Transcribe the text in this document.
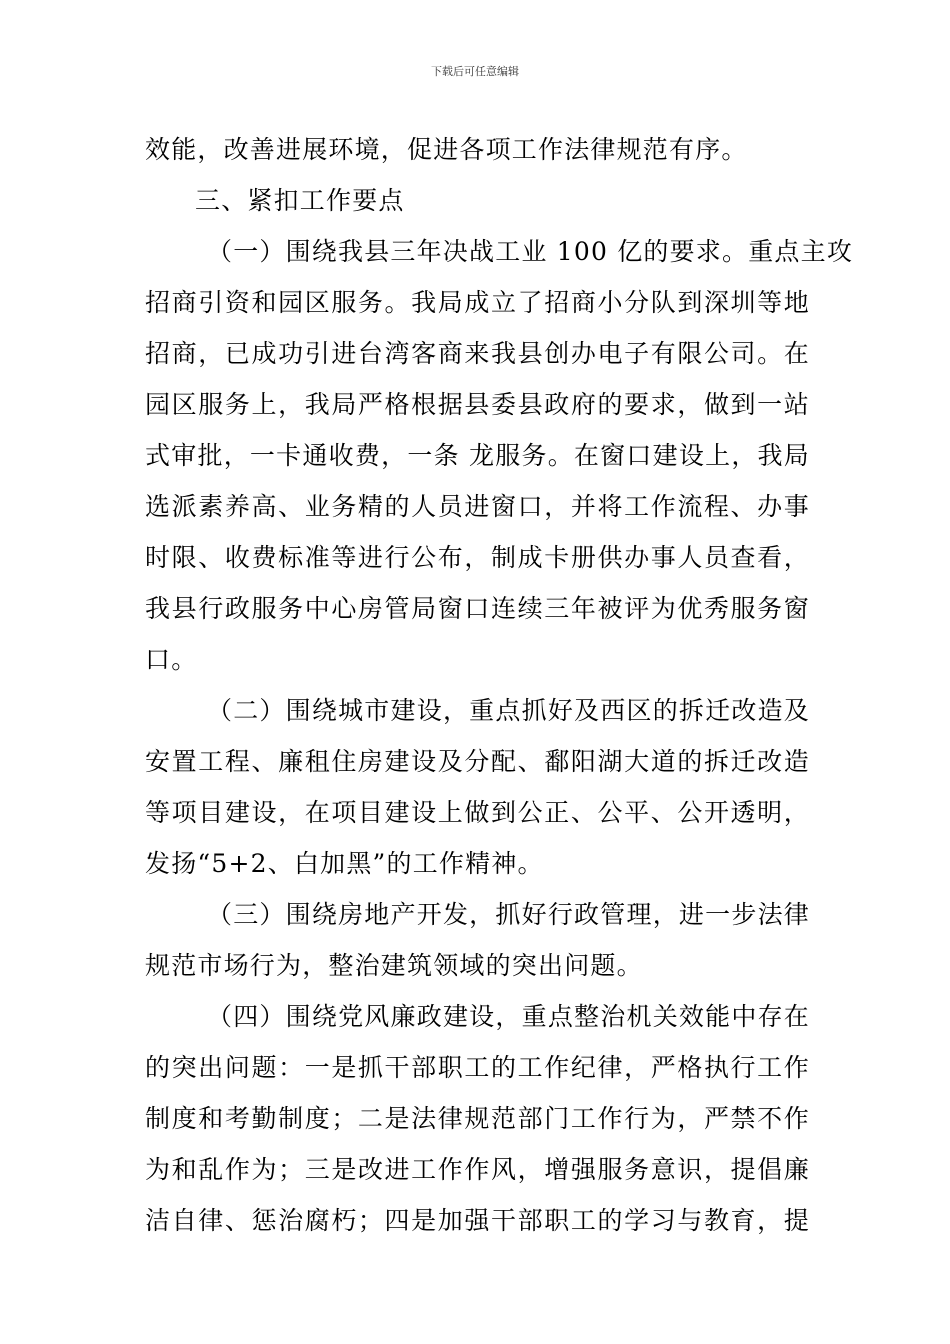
下载后可任意编辑
效能，改善进展环境，促进各项工作法律规范有序。
三、紧扣工作要点
（一）围绕我县三年决战工业 100 亿的要求。重点主攻
招商引资和园区服务。我局成立了招商小分队到深圳等地
招商，已成功引进台湾客商来我县创办电子有限公司。在
园区服务上，我局严格根据县委县政府的要求，做到一站
式审批，一卡通收费，一条 龙服务。在窗口建设上，我局
选派素养高、业务精的人员进窗口，并将工作流程、办事
时限、收费标准等进行公布，制成卡册供办事人员查看，
我县行政服务中心房管局窗口连续三年被评为优秀服务窗
口。
（二）围绕城市建设，重点抓好及西区的拆迁改造及
安置工程、廉租住房建设及分配、鄱阳湖大道的拆迁改造
等项目建设，在项目建设上做到公正、公平、公开透明，
发扬“5+2、白加黑”的工作精神。
（三）围绕房地产开发，抓好行政管理，进一步法律
规范市场行为，整治建筑领域的突出问题。
（四）围绕党风廉政建设，重点整治机关效能中存在
的突出问题：一是抓干部职工的工作纪律，严格执行工作
制度和考勤制度；二是法律规范部门工作行为，严禁不作
为和乱作为；三是改进工作作风，增强服务意识，提倡廉
洁自律、惩治腐朽；四是加强干部职工的学习与教育，提
